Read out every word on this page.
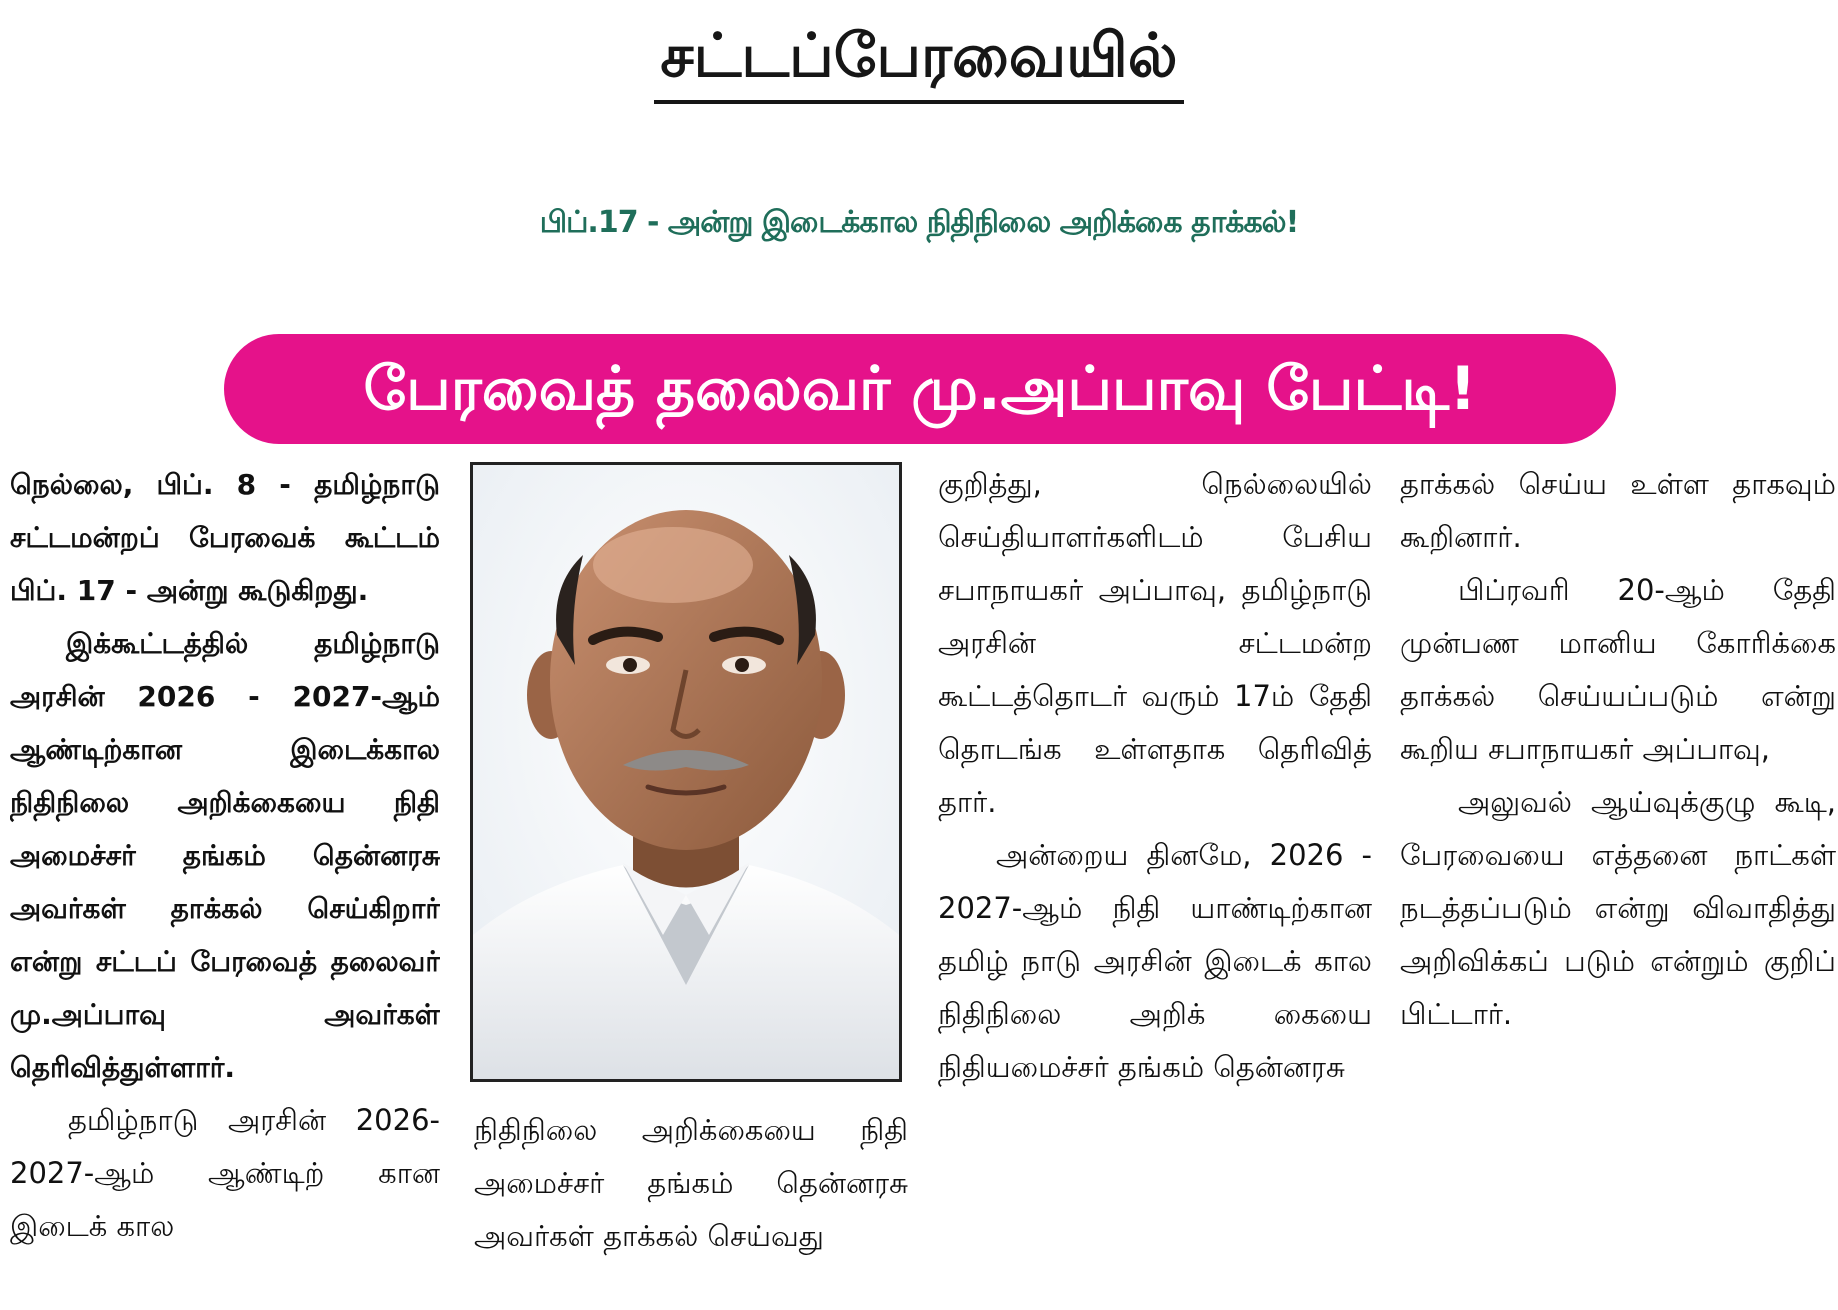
சட்டப்பேரவையில்
பிப்.17 - அன்று இடைக்கால நிதிநிலை அறிக்கை தாக்கல்!
பேரவைத் தலைவர் மு.அப்பாவு பேட்டி!

நெல்லை, பிப். 8 - தமிழ்நாடு சட்டமன்றப் பேரவைக் கூட்டம் பிப். 17 - அன்று கூடுகிறது.

இக்கூட்டத்தில் தமிழ்நாடு அரசின் 2026 - 2027-ஆம் ஆண்டிற்கான இடைக்கால நிதிநிலை அறிக்கையை நிதி அமைச்சர் தங்கம் தென்னரசு அவர்கள் தாக்கல் செய்கிறார் என்று சட்டப் பேரவைத் தலைவர் மு.அப்பாவு அவர்கள் தெரிவித்துள்ளார்.

தமிழ்நாடு அரசின் 2026-2027-ஆம் ஆண்டிற் கான இடைக் கால

நிதிநிலை அறிக்கையை நிதி அமைச்சர் தங்கம் தென்னரசு அவர்கள் தாக்கல் செய்வது

குறித்து, நெல்லையில் செய்தியாளர்களிடம் பேசிய சபாநாயகர் அப்பாவு, தமிழ்நாடு அரசின் சட்டமன்ற கூட்டத்தொடர் வரும் 17ம் தேதி தொடங்க உள்ளதாக தெரிவித் தார்.

அன்றைய தினமே, 2026 - 2027-ஆம் நிதி யாண்டிற்கான தமிழ் நாடு அரசின் இடைக் கால நிதிநிலை அறிக் கையை நிதியமைச்சர் தங்கம் தென்னரசு

தாக்கல் செய்ய உள்ள தாகவும் கூறினார்.

பிப்ரவரி 20-ஆம் தேதி முன்பண மானிய கோரிக்கை தாக்கல் செய்யப்படும் என்று கூறிய சபாநாயகர் அப்பாவு,

அலுவல் ஆய்வுக்குழு கூடி, பேரவையை எத்தனை நாட்கள் நடத்தப்படும் என்று விவாதித்து அறிவிக்கப் படும் என்றும் குறிப் பிட்டார்.
